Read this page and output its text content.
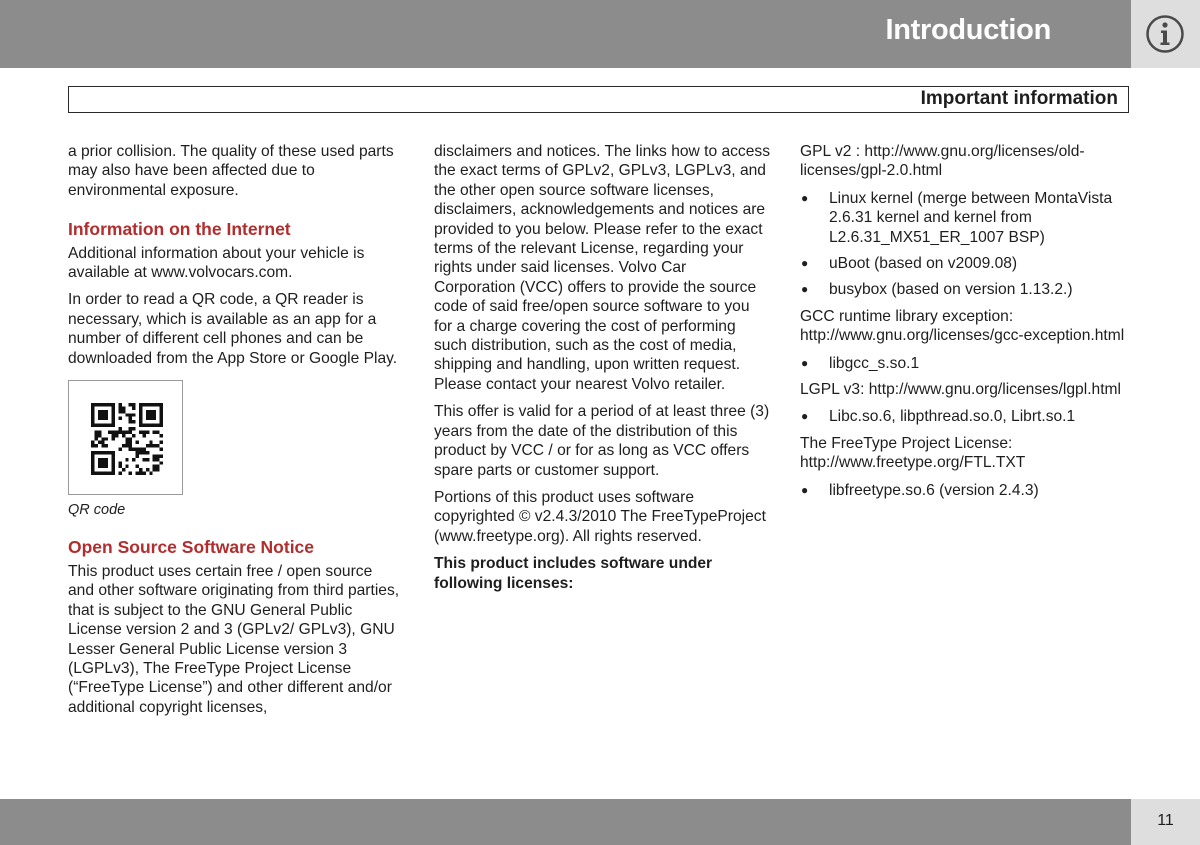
Introduction
Important information

a prior collision. The quality of these used parts may also have been affected due to environmental exposure.

Information on the Internet

Additional information about your vehicle is available at www.volvocars.com.

In order to read a QR code, a QR reader is necessary, which is available as an app for a number of different cell phones and can be downloaded from the App Store or Google Play.

QR code
Open Source Software Notice

This product uses certain free / open source and other software originating from third parties, that is subject to the GNU General Public License version 2 and 3 (GPLv2/ GPLv3), GNU Lesser General Public License version 3 (LGPLv3), The FreeType Project License (“FreeType License”) and other different and/or additional copyright licenses,

disclaimers and notices. The links how to access the exact terms of GPLv2, GPLv3, LGPLv3, and the other open source software licenses, disclaimers, acknowledgements and notices are provided to you below. Please refer to the exact terms of the relevant License, regarding your rights under said licenses. Volvo Car Corporation (VCC) offers to provide the source code of said free/open source software to you for a charge covering the cost of performing such distribution, such as the cost of media, shipping and handling, upon written request. Please contact your nearest Volvo retailer.

This offer is valid for a period of at least three (3) years from the date of the distribution of this product by VCC / or for as long as VCC offers spare parts or customer support.

Portions of this product uses software copyrighted © v2.4.3/2010 The FreeTypeProject (www.freetype.org). All rights reserved.

This product includes software under following licenses:

GPL v2 : http://www.gnu.org/licenses/old-licenses/gpl-2.0.html

● Linux kernel (merge between MontaVista 2.6.31 kernel and kernel from L2.6.31_MX51_ER_1007 BSP)
● uBoot (based on v2009.08)
● busybox (based on version 1.13.2.)

GCC runtime library exception: http://www.gnu.org/licenses/gcc-exception.html

● libgcc_s.so.1

LGPL v3: http://www.gnu.org/licenses/lgpl.html

● Libc.so.6, libpthread.so.0, Librt.so.1

The FreeType Project License: http://www.freetype.org/FTL.TXT

● libfreetype.so.6 (version 2.4.3)
11
